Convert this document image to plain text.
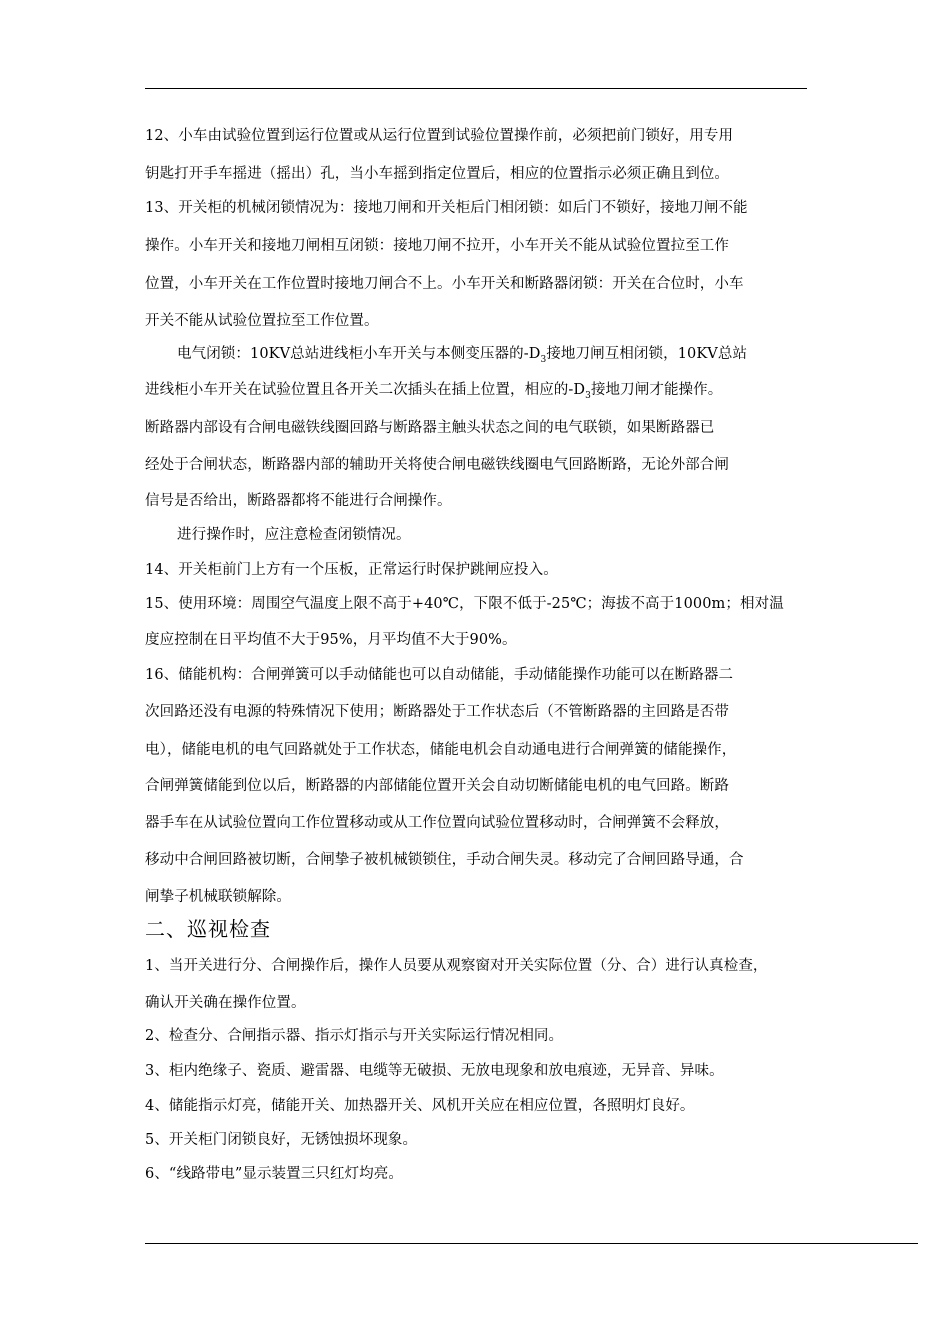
12、小车由试验位置到运行位置或从运行位置到试验位置操作前，必须把前门锁好，用专用
钥匙打开手车摇进（摇出）孔，当小车摇到指定位置后，相应的位置指示必须正确且到位。
13、开关柜的机械闭锁情况为：接地刀闸和开关柜后门相闭锁：如后门不锁好，接地刀闸不能
操作。小车开关和接地刀闸相互闭锁：接地刀闸不拉开，小车开关不能从试验位置拉至工作
位置，小车开关在工作位置时接地刀闸合不上。小车开关和断路器闭锁：开关在合位时，小车
开关不能从试验位置拉至工作位置。
电气闭锁：10KV总站进线柜小车开关与本侧变压器的$-D_3$接地刀闸互相闭锁，10KV总站
进线柜小车开关在试验位置且各开关二次插头在插上位置，相应的$-D_3$接地刀闸才能操作。
断路器内部设有合闸电磁铁线圈回路与断路器主触头状态之间的电气联锁，如果断路器已
经处于合闸状态，断路器内部的辅助开关将使合闸电磁铁线圈电气回路断路，无论外部合闸
信号是否给出，断路器都将不能进行合闸操作。
进行操作时，应注意检查闭锁情况。
14、开关柜前门上方有一个压板，正常运行时保护跳闸应投入。
15、使用环境：周围空气温度上限不高于+40℃，下限不低于-25℃；海拔不高于1000m；相对温
度应控制在日平均值不大于95%，月平均值不大于90%。
16、储能机构：合闸弹簧可以手动储能也可以自动储能，手动储能操作功能可以在断路器二
次回路还没有电源的特殊情况下使用；断路器处于工作状态后（不管断路器的主回路是否带
电），储能电机的电气回路就处于工作状态，储能电机会自动通电进行合闸弹簧的储能操作，
合闸弹簧储能到位以后，断路器的内部储能位置开关会自动切断储能电机的电气回路。断路
器手车在从试验位置向工作位置移动或从工作位置向试验位置移动时，合闸弹簧不会释放，
移动中合闸回路被切断，合闸挚子被机械锁锁住，手动合闸失灵。移动完了合闸回路导通，合
闸挚子机械联锁解除。
二、巡视检查
1、当开关进行分、合闸操作后，操作人员要从观察窗对开关实际位置（分、合）进行认真检查，
确认开关确在操作位置。
2、检查分、合闸指示器、指示灯指示与开关实际运行情况相同。
3、柜内绝缘子、瓷质、避雷器、电缆等无破损、无放电现象和放电痕迹，无异音、异味。
4、储能指示灯亮，储能开关、加热器开关、风机开关应在相应位置，各照明灯良好。
5、开关柜门闭锁良好，无锈蚀损坏现象。
6、“线路带电”显示装置三只红灯均亮。
